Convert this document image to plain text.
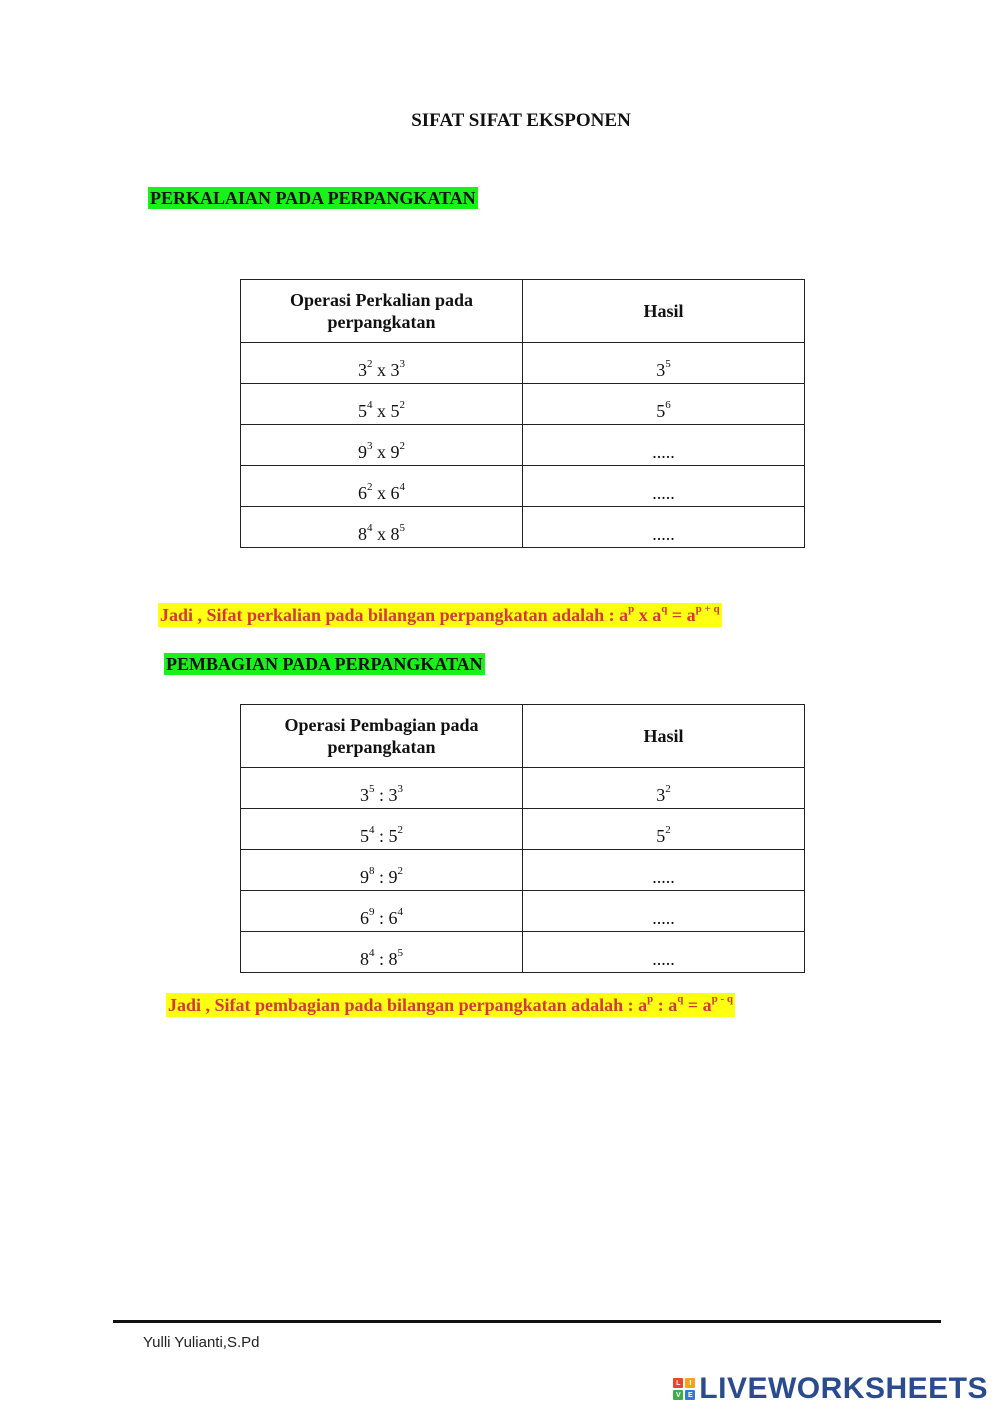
SIFAT SIFAT EKSPONEN
PERKALAIAN PADA PERPANGKATAN
Operasi Perkalian pada perpangkatan	Hasil
$3^2$ x $3^3$	$3^5$
$5^4$ x $5^2$	$5^6$
$9^3$ x $9^2$	.....
$6^2$ x $6^4$	.....
$8^4$ x $8^5$	.....
Jadi , Sifat perkalian pada bilangan perpangkatan adalah : $a^p$ x $a^q = a^{p + q}$
PEMBAGIAN PADA PERPANGKATAN
Operasi Pembagian pada perpangkatan	Hasil
$3^5$ : $3^3$	$3^2$
$5^4$ : $5^2$	$5^2$
$9^8$ : $9^2$	.....
$6^9$ : $6^4$	.....
$8^4$ : $8^5$	.....
Jadi , Sifat pembagian pada bilangan perpangkatan adalah : $a^p$ : $a^q = a^{p - q}$
Yulli Yulianti,S.Pd
L	I
V	E LIVEWORKSHEETS
